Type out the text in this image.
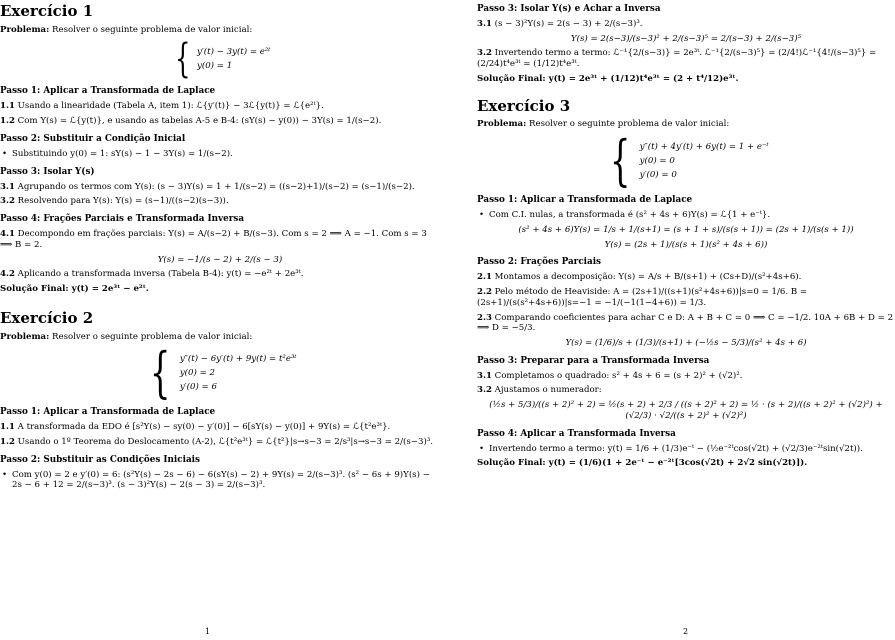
Exercício 1
Problema: Resolver o seguinte problema de valor inicial:
{ y′(t) − 3y(t) = e²ᵗ
y(0) = 1
Passo 1: Aplicar a Transformada de Laplace
1.1 Usando a linearidade (Tabela A, item 1): ℒ{y′(t)} − 3ℒ{y(t)} = ℒ{e²ᵗ}.
1.2 Com Y(s) = ℒ{y(t)}, e usando as tabelas A-5 e B-4: (sY(s) − y(0)) − 3Y(s) = 1/(s−2).
Passo 2: Substituir a Condição Inicial
• Substituindo y(0) = 1: sY(s) − 1 − 3Y(s) = 1/(s−2).
Passo 3: Isolar Y(s)
3.1 Agrupando os termos com Y(s): (s − 3)Y(s) = 1 + 1/(s−2) = ((s−2)+1)/(s−2) = (s−1)/(s−2).
3.2 Resolvendo para Y(s): Y(s) = (s−1)/((s−2)(s−3)).
Passo 4: Frações Parciais e Transformada Inversa
4.1 Decompondo em frações parciais: Y(s) = A/(s−2) + B/(s−3). Com s = 2 ⟹ A = −1. Com s = 3 ⟹ B = 2.
Y(s) = −1/(s − 2) + 2/(s − 3)
4.2 Aplicando a transformada inversa (Tabela B-4): y(t) = −e²ᵗ + 2e³ᵗ.
Solução Final: y(t) = 2e³ᵗ − e²ᵗ.
Exercício 2
Problema: Resolver o seguinte problema de valor inicial:
{ y″(t) − 6y′(t) + 9y(t) = t²e³ᵗ
y(0) = 2
y′(0) = 6
Passo 1: Aplicar a Transformada de Laplace
1.1 A transformada da EDO é [s²Y(s) − sy(0) − y′(0)] − 6[sY(s) − y(0)] + 9Y(s) = ℒ{t²e³ᵗ}.
1.2 Usando o 1º Teorema do Deslocamento (A-2), ℒ{t²e³ᵗ} = ℒ{t²}|s→s−3 = 2/s³|s→s−3 = 2/(s−3)³.
Passo 2: Substituir as Condições Iniciais
• Com y(0) = 2 e y′(0) = 6: (s²Y(s) − 2s − 6) − 6(sY(s) − 2) + 9Y(s) = 2/(s−3)³. (s² − 6s + 9)Y(s) − 2s − 6 + 12 = 2/(s−3)³. (s − 3)²Y(s) − 2(s − 3) = 2/(s−3)³.
1
Passo 3: Isolar Y(s) e Achar a Inversa
3.1 (s − 3)²Y(s) = 2(s − 3) + 2/(s−3)³.
Y(s) = 2(s−3)/(s−3)² + 2/(s−3)⁵ = 2/(s−3) + 2/(s−3)⁵
3.2 Invertendo termo a termo: ℒ⁻¹{2/(s−3)} = 2e³ᵗ. ℒ⁻¹{2/(s−3)⁵} = (2/4!)ℒ⁻¹{4!/(s−3)⁵} = (2/24)t⁴e³ᵗ = (1/12)t⁴e³ᵗ.
Solução Final: y(t) = 2e³ᵗ + (1/12)t⁴e³ᵗ = (2 + t⁴/12)e³ᵗ.
Exercício 3
Problema: Resolver o seguinte problema de valor inicial:
{ y″(t) + 4y′(t) + 6y(t) = 1 + e⁻ᵗ
y(0) = 0
y′(0) = 0
Passo 1: Aplicar a Transformada de Laplace
• Com C.I. nulas, a transformada é (s² + 4s + 6)Y(s) = ℒ{1 + e⁻ᵗ}.
(s² + 4s + 6)Y(s) = 1/s + 1/(s+1) = (s + 1 + s)/(s(s + 1)) = (2s + 1)/(s(s + 1))
Y(s) = (2s + 1)/(s(s + 1)(s² + 4s + 6))
Passo 2: Frações Parciais
2.1 Montamos a decomposição: Y(s) = A/s + B/(s+1) + (Cs+D)/(s²+4s+6).
2.2 Pelo método de Heaviside: A = (2s+1)/((s+1)(s²+4s+6))|s=0 = 1/6. B = (2s+1)/(s(s²+4s+6))|s=−1 = −1/(−1(1−4+6)) = 1/3.
2.3 Comparando coeficientes para achar C e D: A + B + C = 0 ⟹ C = −1/2. 10A + 6B + D = 2 ⟹ D = −5/3.
Y(s) = (1/6)/s + (1/3)/(s+1) + (−½s − 5/3)/(s² + 4s + 6)
Passo 3: Preparar para a Transformada Inversa
3.1 Completamos o quadrado: s² + 4s + 6 = (s + 2)² + (√2)².
3.2 Ajustamos o numerador:
(½s + 5/3)/((s + 2)² + 2) = ½(s + 2) + 2/3 / ((s + 2)² + 2) = ½ · (s + 2)/((s + 2)² + (√2)²) + (√2/3) · √2/((s + 2)² + (√2)²)
Passo 4: Aplicar a Transformada Inversa
• Invertendo termo a termo: y(t) = 1/6 + (1/3)e⁻ᵗ − (½e⁻²ᵗcos(√2t) + (√2/3)e⁻²ᵗsin(√2t)).
Solução Final: y(t) = (1/6)(1 + 2e⁻ᵗ − e⁻²ᵗ[3cos(√2t) + 2√2 sin(√2t)]).
2
